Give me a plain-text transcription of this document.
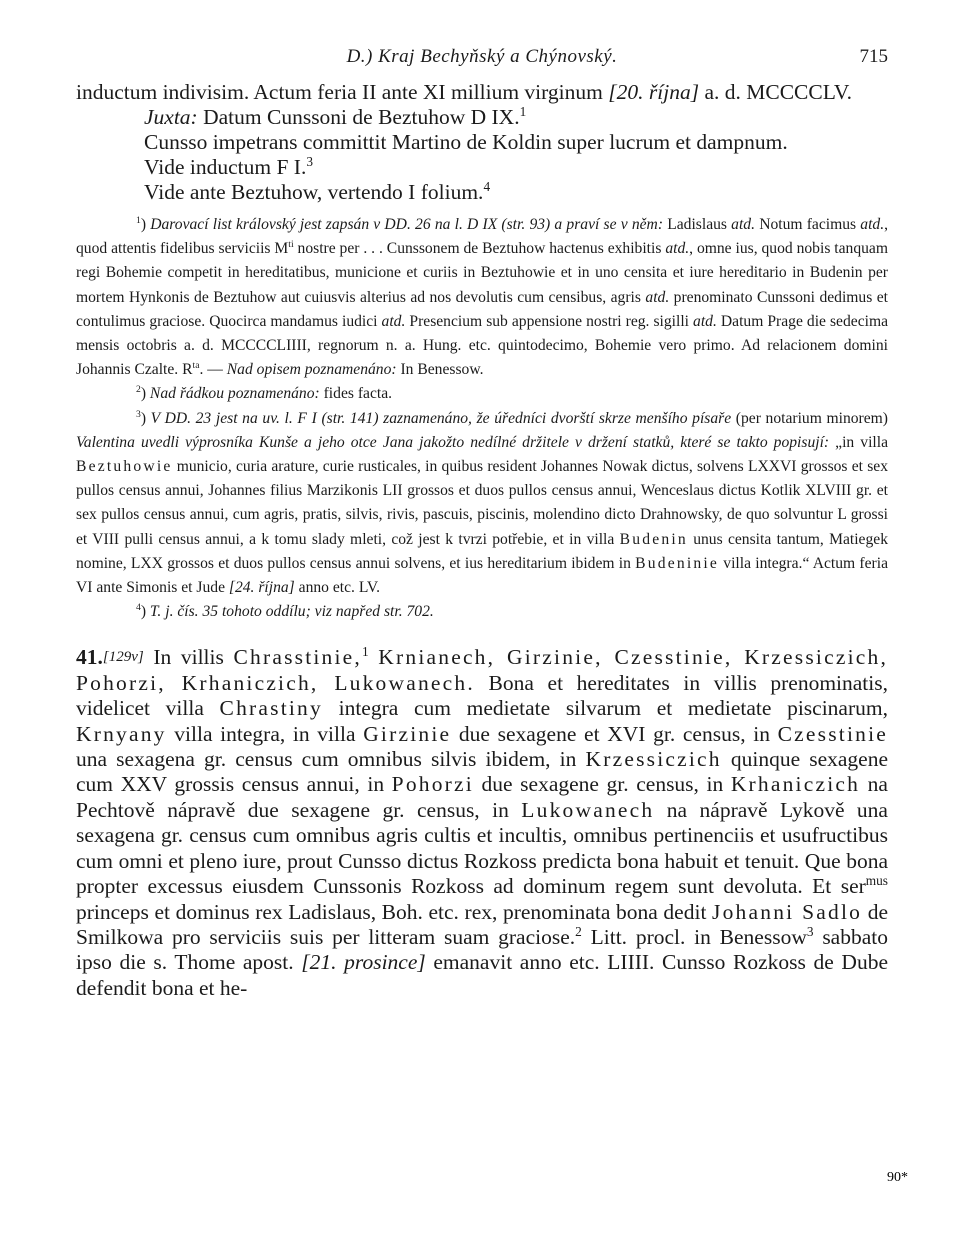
D.) Kraj Bechyňský a Chýnovský.	715

inductum indivisim. Actum feria II ante XI millium virginum [20. října] a. d. MCCCCLV.

Juxta: Datum Cunssoni de Beztuhow D IX.$^1$

Cunsso impetrans committit Martino de Koldin super lucrum et dampnum.

Vide inductum F I.$^3$

Vide ante Beztuhow, vertendo I folium.$^4$

$^1$) Darovací list královský jest zapsán v DD. 26 na l. D IX (str. 93) a praví se v něm: Ladislaus atd. Notum facimus atd., quod attentis fidelibus serviciis $M^{ti}$ nostre per . . . Cunssonem de Beztuhow hactenus exhibitis atd., omne ius, quod nobis tanquam regi Bohemie competit in hereditatibus, municione et curiis in Beztuhowie et in uno censita et iure hereditario in Budenin per mortem Hynkonis de Beztuhow aut cuiusvis alterius ad nos devolutis cum censibus, agris atd. prenominato Cunssoni dedimus et contulimus graciose. Quocirca mandamus iudici atd. Presencium sub appensione nostri reg. sigilli atd. Datum Prage die sedecima mensis octobris a. d. MCCCCLIIII, regnorum n. a. Hung. etc. quintodecimo, Bohemie vero primo. Ad relacionem domini Johannis Czalte. $R^{ta}$. — Nad opisem poznamenáno: In Benessow.

$^2$) Nad řádkou poznamenáno: fides facta.

$^3$) V DD. 23 jest na uv. l. F I (str. 141) zaznamenáno, že úředníci dvorští skrze menšího písaře (per notarium minorem) Valentina uvedli výprosníka Kunše a jeho otce Jana jakožto nedílné držitele v držení statků, které se takto popisují: „in villa Beztuhowie municio, curia arature, curie rusticales, in quibus resident Johannes Nowak dictus, solvens LXXVI grossos et sex pullos census annui, Johannes filius Marzikonis LII grossos et duos pullos census annui, Wenceslaus dictus Kotlik XLVIII gr. et sex pullos census annui, cum agris, pratis, silvis, rivis, pascuis, piscinis, molendino dicto Drahnowsky, de quo solvuntur L grossi et VIII pulli census annui, a k tomu slady mleti, což jest k tvrzi potřebie, et in villa Budenin unus censita tantum, Matiegek nomine, LXX grossos et duos pullos census annui solvens, et ius hereditarium ibidem in Budeninie villa integra.“ Actum feria VI ante Simonis et Jude [24. října] anno etc. LV.

$^4$) T. j. čís. 35 tohoto oddílu; viz napřed str. 702.

41.[129v] In villis Chrasstinie,$^1$ Krnianech, Girzinie, Czesstinie, Krzessiczich, Pohorzi, Krhaniczich, Lukowanech. Bona et hereditates in villis prenominatis, videlicet villa Chrastiny integra cum medietate silvarum et medietate piscinarum, Krnyany villa integra, in villa Girzinie due sexagene et XVI gr. census, in Czesstinie una sexagena gr. census cum omnibus silvis ibidem, in Krzessiczich quinque sexagene cum XXV grossis census annui, in Pohorzi due sexagene gr. census, in Krhaniczich na Pechtově nápravě due sexagene gr. census, in Lukowanech na nápravě Lykově una sexagena gr. census cum omnibus agris cultis et incultis, omnibus pertinenciis et usufructibus cum omni et pleno iure, prout Cunsso dictus Rozkoss predicta bona habuit et tenuit. Que bona propter excessus eiusdem Cunssonis Rozkoss ad dominum regem sunt devoluta. Et ser$^{mus}$ princeps et dominus rex Ladislaus, Boh. etc. rex, prenominata bona dedit Johanni Sadlo de Smilkowa pro serviciis suis per litteram suam graciose.$^2$ Litt. procl. in Benessow$^3$ sabbato ipso die s. Thome apost. [21. prosince] emanavit anno etc. LIIII. Cunsso Rozkoss de Dube defendit bona et he-
90*
